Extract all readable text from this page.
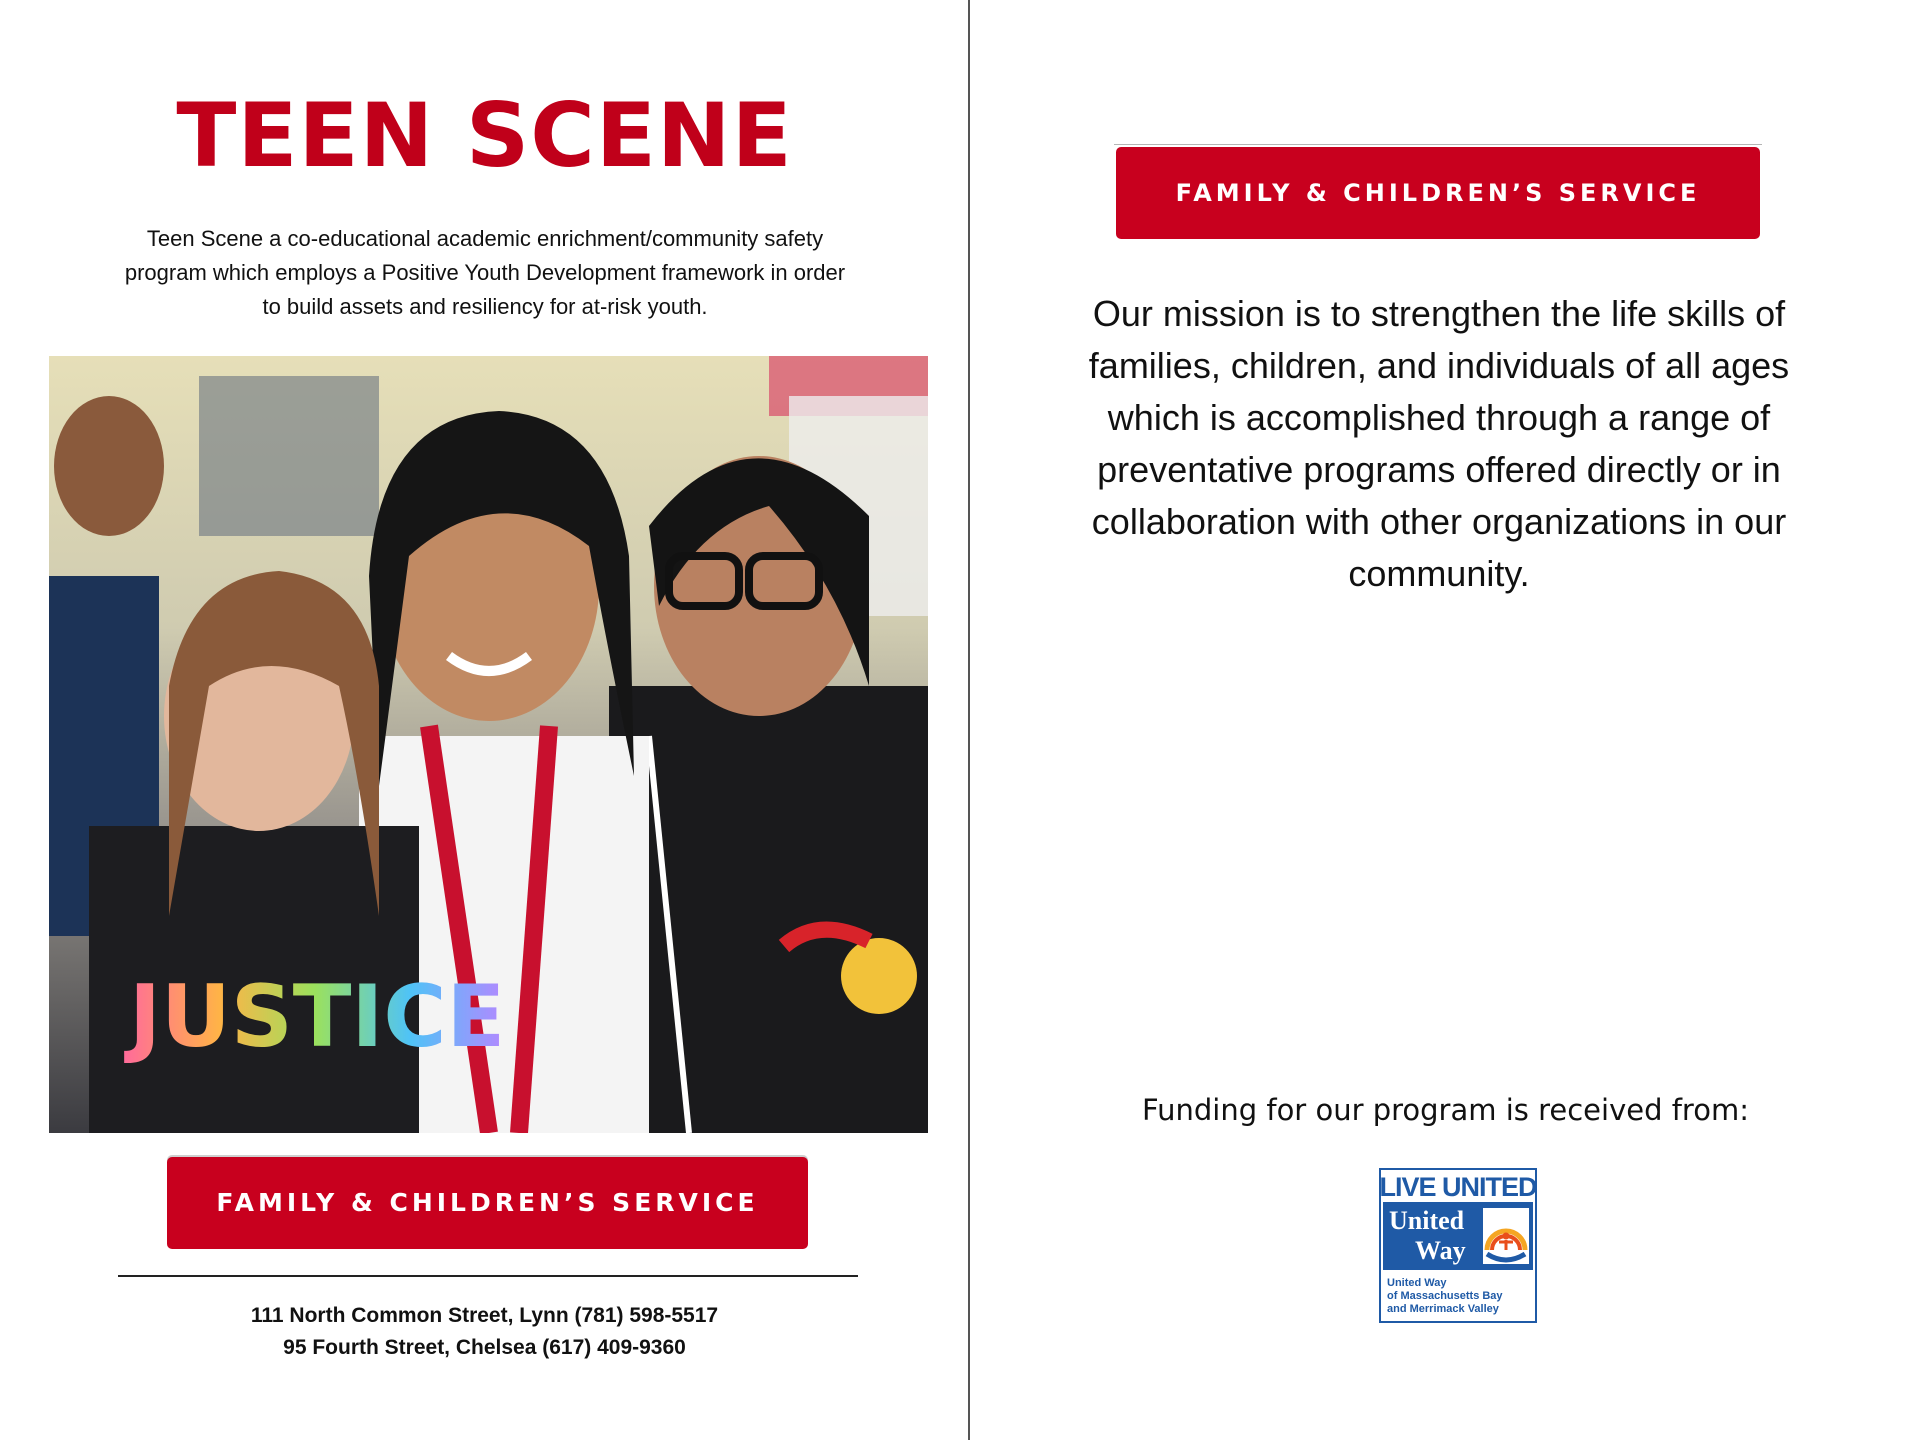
TEEN SCENE
Teen Scene a co-educational academic enrichment/community safety
program which employs a Positive Youth Development framework in order
to build assets and resiliency for at-risk youth.
JUSTICE
FAMILY & CHILDREN’S SERVICE
111 North Common Street, Lynn (781) 598-5517
95 Fourth Street, Chelsea (617) 409-9360
FAMILY & CHILDREN’S SERVICE
Our mission is to strengthen the life skills of
families, children, and individuals of all ages
which is accomplished through a range of
preventative programs offered directly or in
collaboration with other organizations in our
community.
Funding for our program is received from:
LIVE UNITED
United
Way
United Way
of Massachusetts Bay
and Merrimack Valley
